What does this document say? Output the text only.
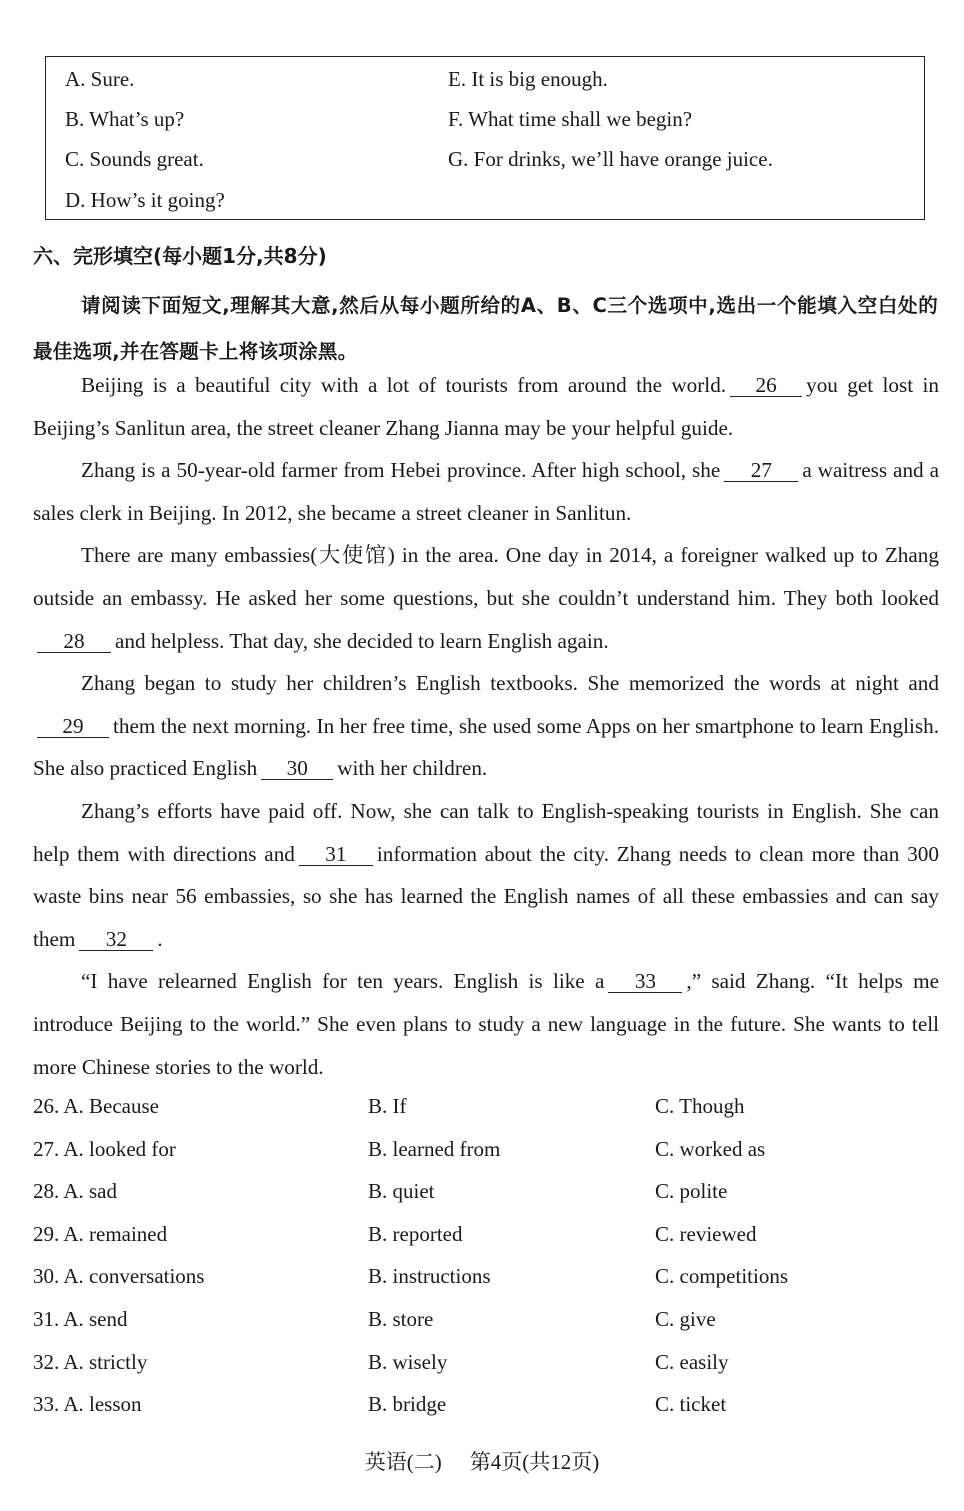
A. Sure.
B. What’s up?
C. Sounds great.
D. How’s it going?
E. It is big enough.
F. What time shall we begin?
G. For drinks, we’ll have orange juice.
六、完形填空(每小题1分,共8分)
请阅读下面短文,理解其大意,然后从每小题所给的A、B、C三个选项中,选出一个能填入空白处的最佳选项,并在答题卡上将该项涂黑。

Beijing is a beautiful city with a lot of tourists from around the world. 26 you get lost in Beijing’s Sanlitun area, the street cleaner Zhang Jianna may be your helpful guide.

Zhang is a 50-year-old farmer from Hebei province. After high school, she 27 a waitress and a sales clerk in Beijing. In 2012, she became a street cleaner in Sanlitun.

There are many embassies(大使馆) in the area. One day in 2014, a foreigner walked up to Zhang outside an embassy. He asked her some questions, but she couldn’t understand him. They both looked28 and helpless. That day, she decided to learn English again.

Zhang began to study her children’s English textbooks. She memorized the words at night and29 them the next morning. In her free time, she used some Apps on her smartphone to learn English. She also practiced English 30 with her children.

Zhang’s efforts have paid off. Now, she can talk to English-speaking tourists in English. She can help them with directions and 31 information about the city. Zhang needs to clean more than 300 waste bins near 56 embassies, so she has learned the English names of all these embassies and can say them 32 .

“I have relearned English for ten years. English is like a 33 ,” said Zhang. “It helps me introduce Beijing to the world.” She even plans to study a new language in the future. She wants to tell more Chinese stories to the world.

26. A. Because	B. If	C. Though
27. A. looked for	B. learned from	C. worked as
28. A. sad	B. quiet	C. polite
29. A. remained	B. reported	C. reviewed
30. A. conversations	B. instructions	C. competitions
31. A. send	B. store	C. give
32. A. strictly	B. wisely	C. easily
33. A. lesson	B. bridge	C. ticket
英语(二) 第4页(共12页)
